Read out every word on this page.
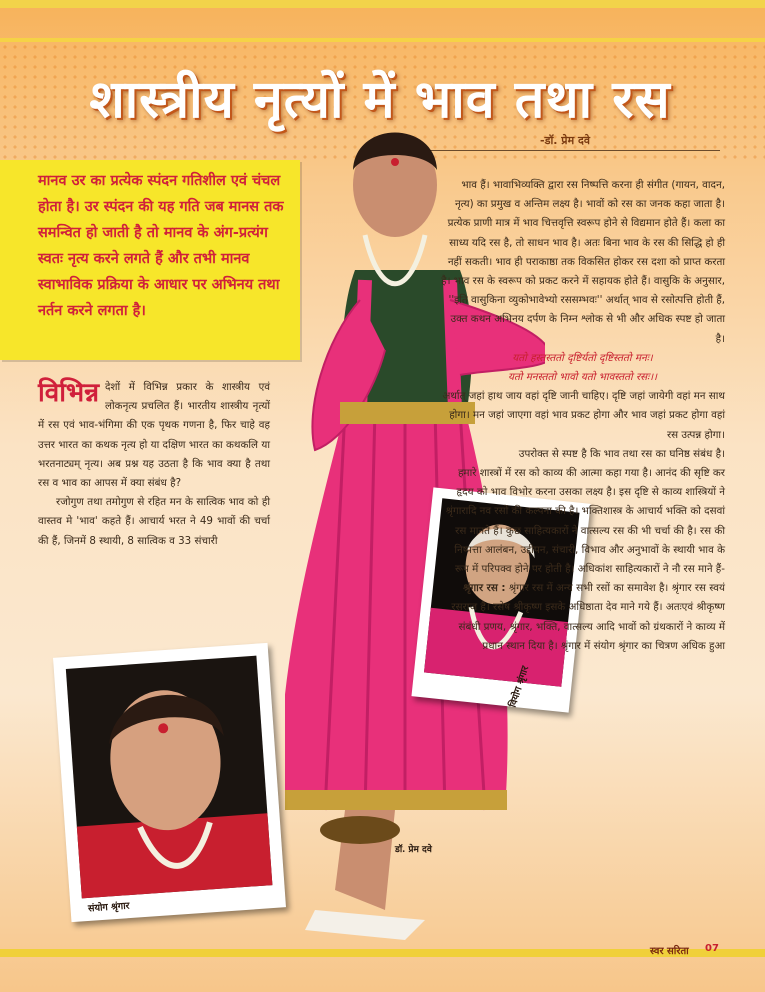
शास्त्रीय नृत्यों में भाव तथा रस
-डॉ. प्रेम दवे

मानव उर का प्रत्येक स्पंदन गतिशील एवं चंचल होता है। उर स्पंदन की यह गति जब मानस तक समन्वित हो जाती है तो मानव के अंग-प्रत्यंग स्वतः नृत्य करने लगते हैं और तभी मानव स्वाभाविक प्रक्रिया के आधार पर अभिनय तथा नर्तन करने लगता है।

संयोग श्रृंगार
वियोग श्रृंगार
डॉ. प्रेम दवे

विभिन्न देशों में विभिन्न प्रकार के शास्त्रीय एवं लोकनृत्य प्रचलित हैं। भारतीय शास्त्रीय नृत्यों में रस एवं भाव-भंगिमा की एक पृथक गणना है, फिर चाहे वह उत्तर भारत का कथक नृत्य हो या दक्षिण भारत का कथकलि या भरतनाट्यम् नृत्य। अब प्रश्न यह उठता है कि भाव क्या है तथा रस व भाव का आपस में क्या संबंध है?

रजोगुण तथा तमोगुण से रहित मन के सात्विक भाव को ही वास्तव मे 'भाव' कहते हैं। आचार्य भरत ने 49 भावों की चर्चा की हैं, जिनमें 8 स्थायी, 8 सात्विक व 33 संचारी

भाव हैं। भावाभिव्यक्ति द्वारा रस निष्पत्ति करना ही संगीत (गायन, वादन, नृत्य) का प्रमुख व अन्तिम लक्ष्य है। भावों को रस का जनक कहा जाता है। प्रत्येक प्राणी मात्र में भाव चित्तवृत्ति स्वरूप होने से विद्यमान होते हैं। कला का साध्य यदि रस है, तो साधन भाव है। अतः बिना भाव के रस की सिद्धि हो ही नहीं सकती। भाव ही पराकाष्ठा तक विकसित होकर रस दशा को प्राप्त करता है। भाव रस के स्वरूप को प्रकट करने में सहायक होते हैं। वासुकि के अनुसार, ''इति वासुकिना व्युकोभावेभ्यो रससम्भवः'' अर्थात् भाव से रसोत्पत्ति होती हैं, उक्त कथन अभिनय दर्पण के निम्न श्लोक से भी और अधिक स्पष्ट हो जाता है।

यतो हस्तस्ततो दृष्टिर्यतो दृष्टिस्ततो मनः।

यतो मनस्ततो भावो यतो भावस्ततो रसः।।

अर्थात् जहां हाथ जाय वहां दृष्टि जानी चाहिए। दृष्टि जहां जायेगी वहां मन साथ होगा। मन जहां जाएगा वहां भाव प्रकट होगा और भाव जहां प्रकट होगा वहां रस उत्पन्न होगा।

उपरोक्त से स्पष्ट है कि भाव तथा रस का घनिष्ठ संबंध है।

हमारे शास्त्रों में रस को काव्य की आत्मा कहा गया है। आनंद की सृष्टि कर हृदय को भाव विभोर करना उसका लक्ष्य है। इस दृष्टि से काव्य शास्त्रियों ने श्रृंगारादि नव रसों की कल्पना की है। भक्तिशास्त्र के आचार्य भक्ति को दसवां रस मानते हैं। कुछ साहित्यकारों ने वात्सल्य रस की भी चर्चा की है। रस की निष्पत्ता आलंबन, उद्दीपन, संचारी, विभाव और अनुभावों के स्थायी भाव के रूप में परिपक्व होने पर होती है। अधिकांश साहित्यकारों ने नौ रस माने हैं-

श्रृंगार रस : श्रृंगार रस में अन्य सभी रसों का समावेश है। श्रृंगार रस स्वयं रसराज है। रसेष श्रीकृष्ण इसके अधिष्ठाता देव माने गये हैं। अतःएवं श्रीकृष्ण संबंधी प्रणय, श्रृंगार, भक्ति, वात्सल्य आदि भावों को ग्रंथकारों ने काव्य में प्रधान स्थान दिया है। श्रृंगार में संयोग श्रृंगार का चित्रण अधिक हुआ

स्वर सरिता 07
